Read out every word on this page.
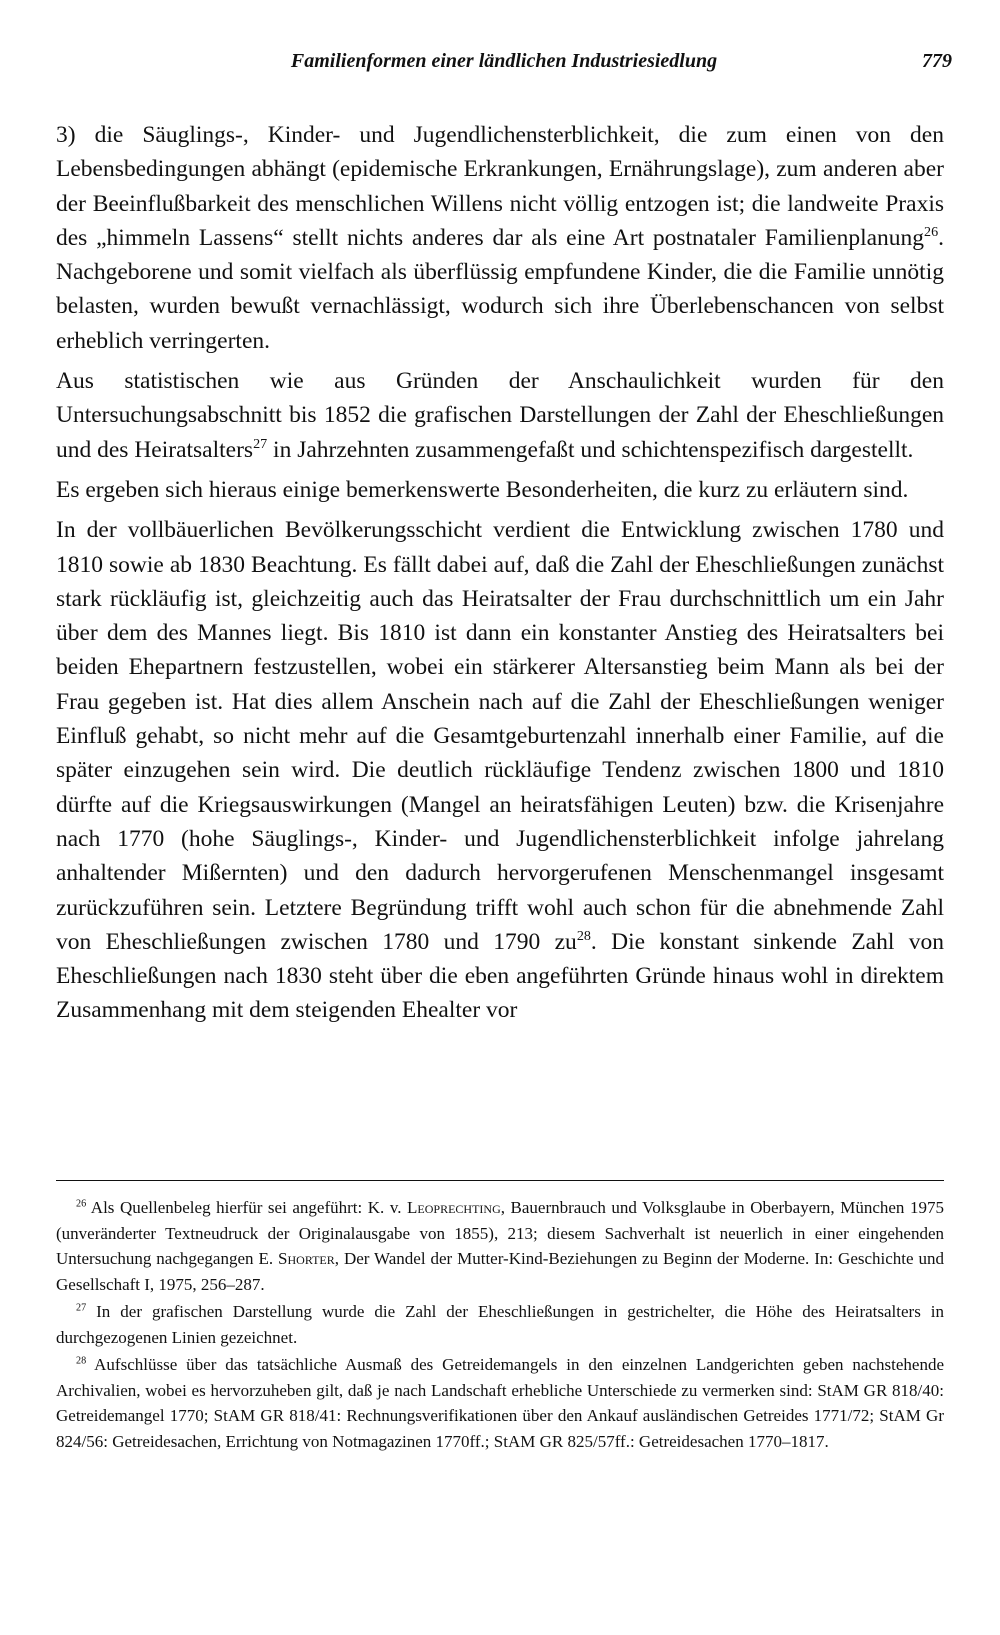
Familienformen einer ländlichen Industriesiedlung	779

3) die Säuglings-, Kinder- und Jugendlichensterblichkeit, die zum einen von den Lebensbedingungen abhängt (epidemische Erkrankungen, Ernährungslage), zum anderen aber der Beeinflußbarkeit des menschlichen Willens nicht völlig entzogen ist; die landweite Praxis des „himmeln Lassens“ stellt nichts anderes dar als eine Art postnataler Familienplanung$^{26}$. Nachgeborene und somit vielfach als überflüssig empfundene Kinder, die die Familie unnötig belasten, wurden bewußt vernachlässigt, wodurch sich ihre Überlebenschancen von selbst erheblich verringerten.

Aus statistischen wie aus Gründen der Anschaulichkeit wurden für den Untersuchungsabschnitt bis 1852 die grafischen Darstellungen der Zahl der Eheschließungen und des Heiratsalters$^{27}$ in Jahrzehnten zusammengefaßt und schichtenspezifisch dargestellt.

Es ergeben sich hieraus einige bemerkenswerte Besonderheiten, die kurz zu erläutern sind.

In der vollbäuerlichen Bevölkerungsschicht verdient die Entwicklung zwischen 1780 und 1810 sowie ab 1830 Beachtung. Es fällt dabei auf, daß die Zahl der Eheschließungen zunächst stark rückläufig ist, gleichzeitig auch das Heiratsalter der Frau durchschnittlich um ein Jahr über dem des Mannes liegt. Bis 1810 ist dann ein konstanter Anstieg des Heiratsalters bei beiden Ehepartnern festzustellen, wobei ein stärkerer Altersanstieg beim Mann als bei der Frau gegeben ist. Hat dies allem Anschein nach auf die Zahl der Eheschließungen weniger Einfluß gehabt, so nicht mehr auf die Gesamtgeburtenzahl innerhalb einer Familie, auf die später einzugehen sein wird. Die deutlich rückläufige Tendenz zwischen 1800 und 1810 dürfte auf die Kriegsauswirkungen (Mangel an heiratsfähigen Leuten) bzw. die Krisenjahre nach 1770 (hohe Säuglings-, Kinder- und Jugendlichensterblichkeit infolge jahrelang anhaltender Mißernten) und den dadurch hervorgerufenen Menschenmangel insgesamt zurückzuführen sein. Letztere Begründung trifft wohl auch schon für die abnehmende Zahl von Eheschließungen zwischen 1780 und 1790 $zu^{28}$. Die konstant sinkende Zahl von Eheschließungen nach 1830 steht über die eben angeführten Gründe hinaus wohl in direktem Zusammenhang mit dem steigenden Ehealter vor

$^{26}$ Als Quellenbeleg hierfür sei angeführt: K. v. Leoprechting, Bauernbrauch und Volksglaube in Oberbayern, München 1975 (unveränderter Textneudruck der Originalausgabe von 1855), 213; diesem Sachverhalt ist neuerlich in einer eingehenden Untersuchung nachgegangen E. Shorter, Der Wandel der Mutter-Kind-Beziehungen zu Beginn der Moderne. In: Geschichte und Gesellschaft I, 1975, 256–287.

$^{27}$ In der grafischen Darstellung wurde die Zahl der Eheschließungen in gestrichelter, die Höhe des Heiratsalters in durchgezogenen Linien gezeichnet.

$^{28}$ Aufschlüsse über das tatsächliche Ausmaß des Getreidemangels in den einzelnen Landgerichten geben nachstehende Archivalien, wobei es hervorzuheben gilt, daß je nach Landschaft erhebliche Unterschiede zu vermerken sind: StAM GR 818/40: Getreidemangel 1770; StAM GR 818/41: Rechnungsverifikationen über den Ankauf ausländischen Getreides 1771/72; StAM Gr 824/56: Getreidesachen, Errichtung von Notmagazinen 1770ff.; StAM GR 825/57ff.: Getreidesachen 1770–1817.
